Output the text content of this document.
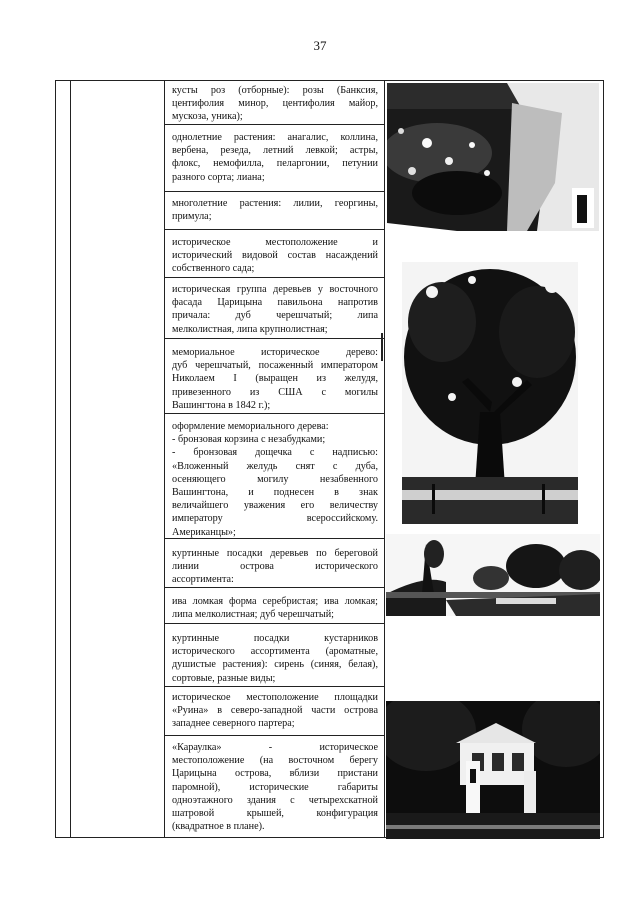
37
кусты роз (отборные): розы (Банксия,
центифолия минор, центифолия майор,
мускоза, уника);
однолетние растения: анагалис, коллина,
вербена, резеда, летний левкой; астры,
флокс, немофилла, пеларгонии, петунии
разного сорта; лиана;
многолетние растения: лилии, георгины,
примула;
историческое местоположение и
исторический видовой состав насаждений
собственного сада;
историческая группа деревьев у восточного
фасада Царицына павильона напротив
причала: дуб черешчатый; липа
мелколистная, липа крупнолистная;
мемориальное историческое дерево:
дуб черешчатый, посаженный императором
Николаем I (выращен из желудя,
привезенного из США с могилы
Вашингтона в 1842 г.);
оформление мемориального дерева:
- бронзовая корзина с незабудками;
- бронзовая дощечка с надписью:
«Вложенный желудь снят с дуба,
осеняющего могилу незабвенного
Вашингтона, и поднесен в знак
величайшего уважения его величеству
императору всероссийскому.
Американцы»;
куртинные посадки деревьев по береговой
линии острова исторического
ассортимента:
ива ломкая форма серебристая; ива ломкая;
липа мелколистная; дуб черешчатый;
куртинные посадки кустарников
исторического ассортимента (ароматные,
душистые растения): сирень (синяя, белая),
сортовые, разные виды;
историческое местоположение площадки
«Руина» в северо-западной части острова
западнее северного партера;
«Караулка» - историческое
местоположение (на восточном берегу
Царицына острова, вблизи пристани
паромной), исторические габариты
одноэтажного здания с четырехскатной
шатровой крышей, конфигурация
(квадратное в плане).
